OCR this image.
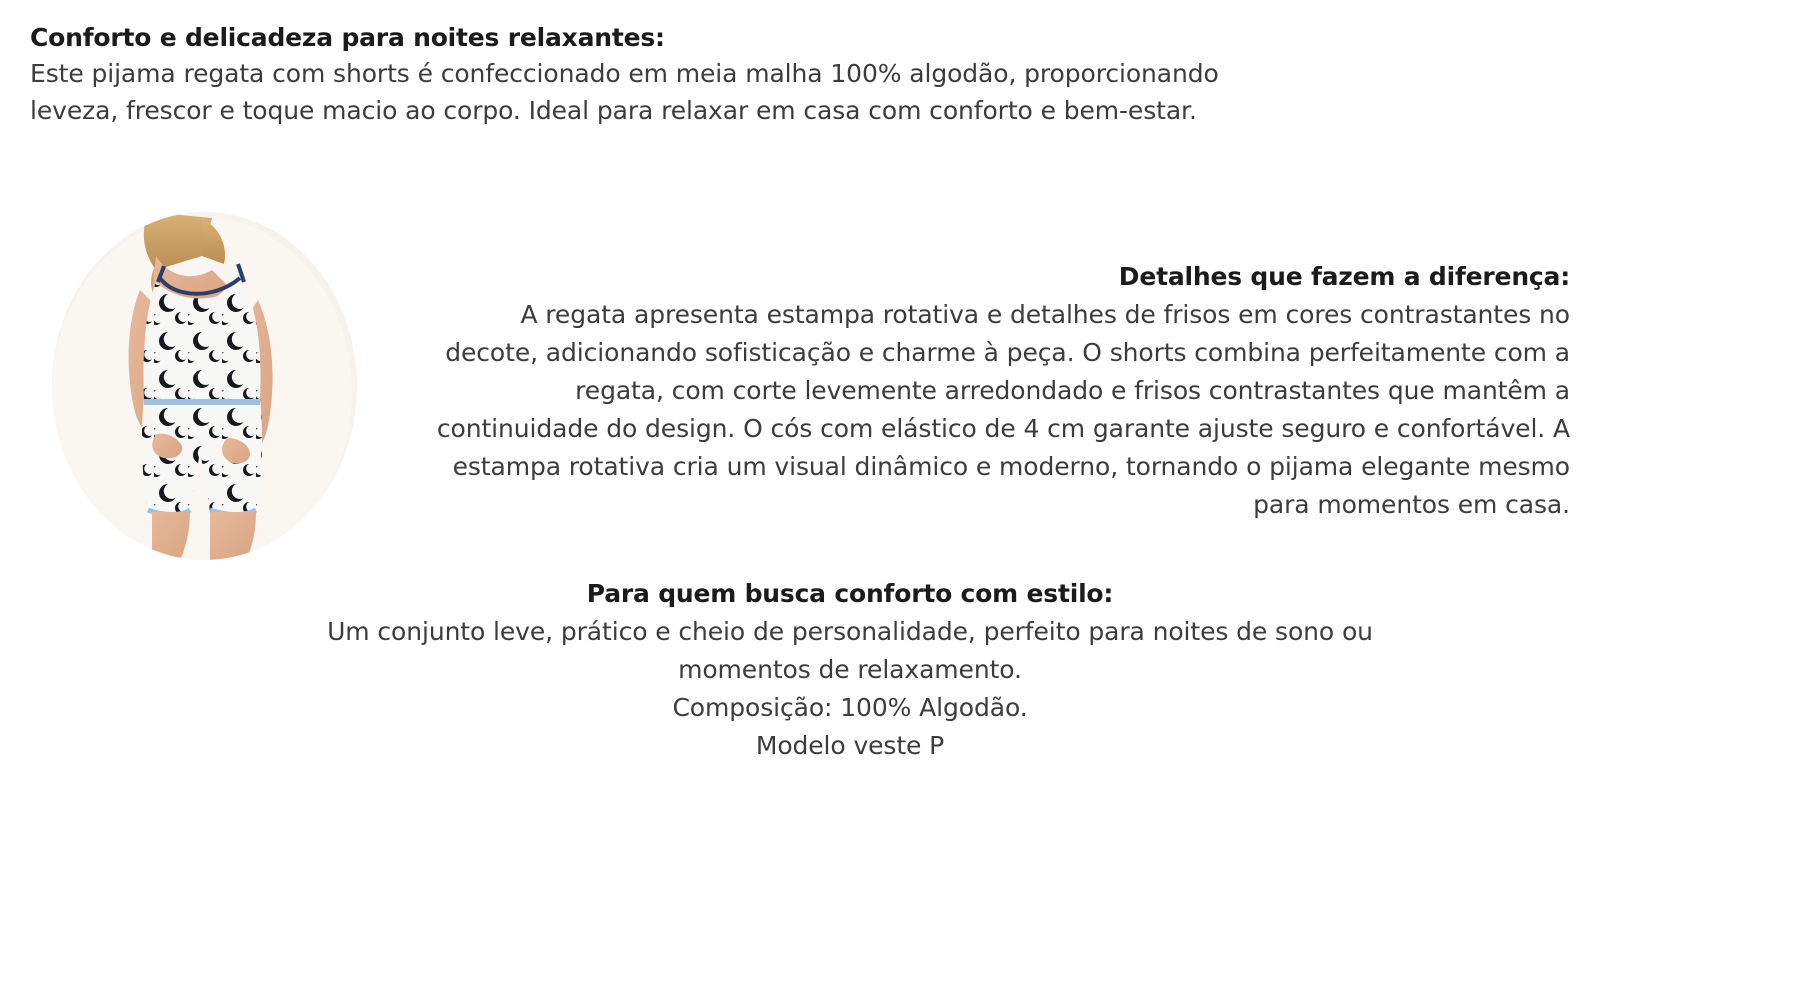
Conforto e delicadeza para noites relaxantes:
Este pijama regata com shorts é confeccionado em meia malha 100% algodão, proporcionando
leveza, frescor e toque macio ao corpo. Ideal para relaxar em casa com conforto e bem-estar.
Detalhes que fazem a diferença:
A regata apresenta estampa rotativa e detalhes de frisos em cores contrastantes no decote, adicionando sofisticação e charme à peça. O shorts combina perfeitamente com a regata, com corte levemente arredondado e frisos contrastantes que mantêm a continuidade do design. O cós com elástico de 4 cm garante ajuste seguro e confortável. A estampa rotativa cria um visual dinâmico e moderno, tornando o pijama elegante mesmo para momentos em casa.
Para quem busca conforto com estilo:
Um conjunto leve, prático e cheio de personalidade, perfeito para noites de sono ou
momentos de relaxamento.
Composição: 100% Algodão.
Modelo veste P
